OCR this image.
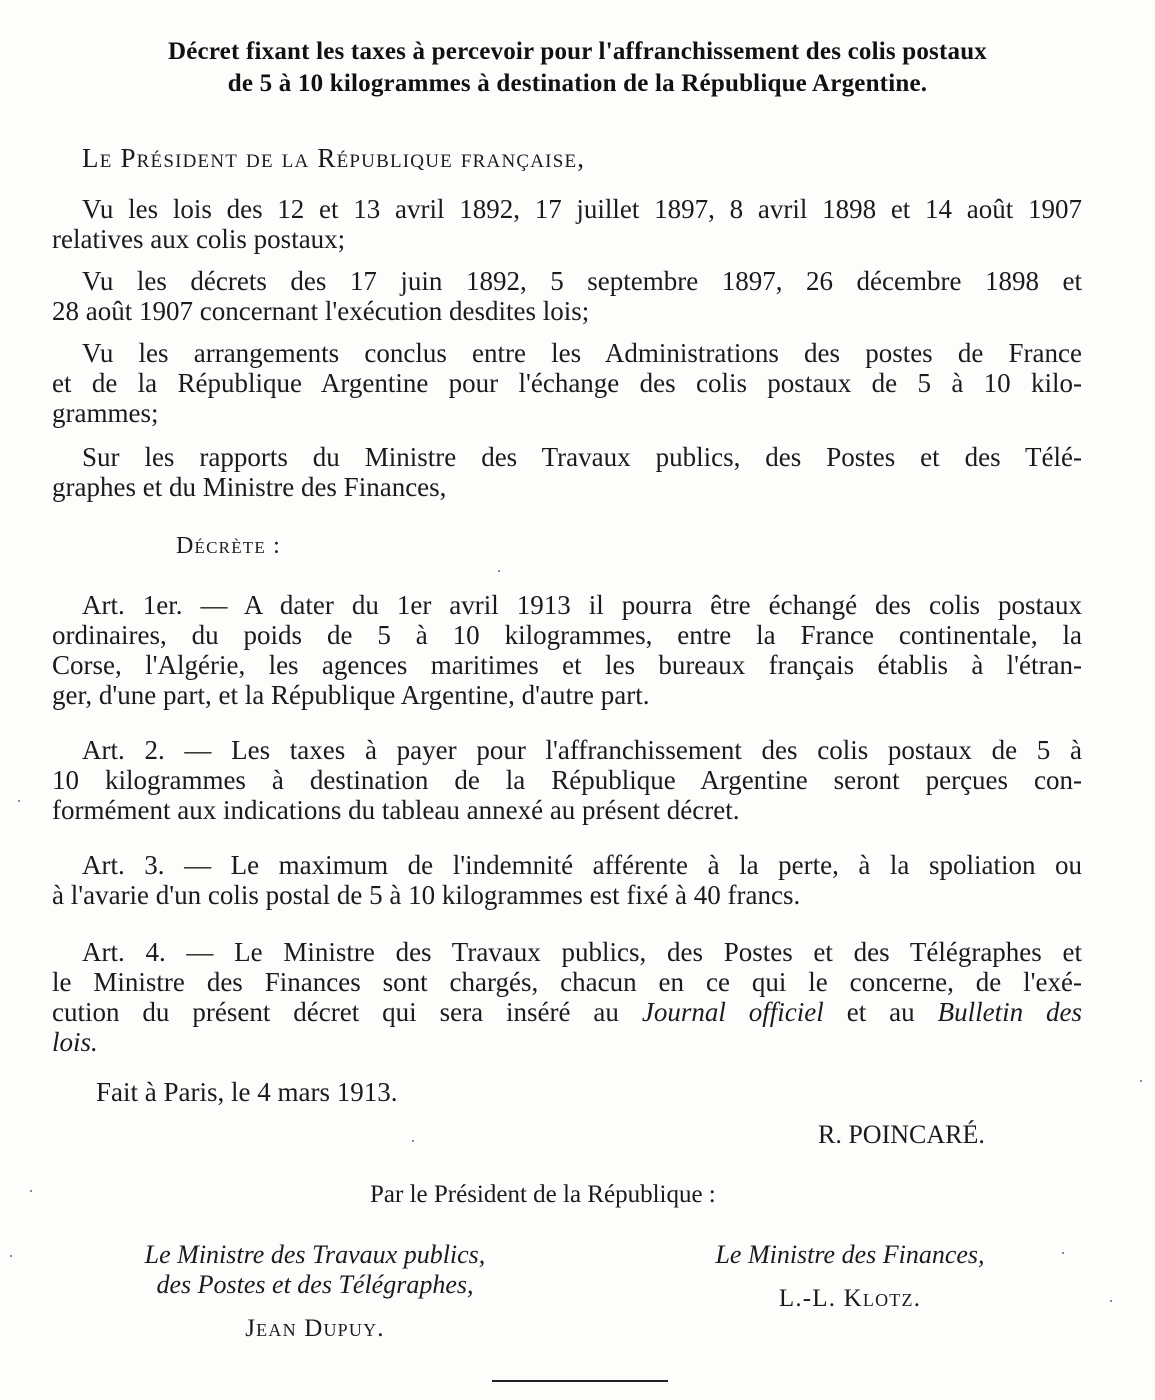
Décret fixant les taxes à percevoir pour l'affranchissement des colis postaux
de 5 à 10 kilogrammes à destination de la République Argentine.
Le Président de la République française,
Vu les lois des 12 et 13 avril 1892, 17 juillet 1897, 8 avril 1898 et 14 août 1907
relatives aux colis postaux;
Vu les décrets des 17 juin 1892, 5 septembre 1897, 26 décembre 1898 et
28 août 1907 concernant l'exécution desdites lois;
Vu les arrangements conclus entre les Administrations des postes de France
et de la République Argentine pour l'échange des colis postaux de 5 à 10 kilo-
grammes;
Sur les rapports du Ministre des Travaux publics, des Postes et des Télé-
graphes et du Ministre des Finances,
Décrète :
Art. 1er. — A dater du 1er avril 1913 il pourra être échangé des colis postaux
ordinaires, du poids de 5 à 10 kilogrammes, entre la France continentale, la
Corse, l'Algérie, les agences maritimes et les bureaux français établis à l'étran-
ger, d'une part, et la République Argentine, d'autre part.
Art. 2. — Les taxes à payer pour l'affranchissement des colis postaux de 5 à
10 kilogrammes à destination de la République Argentine seront perçues con-
formément aux indications du tableau annexé au présent décret.
Art. 3. — Le maximum de l'indemnité afférente à la perte, à la spoliation ou
à l'avarie d'un colis postal de 5 à 10 kilogrammes est fixé à 40 francs.
Art. 4. — Le Ministre des Travaux publics, des Postes et des Télégraphes et
le Ministre des Finances sont chargés, chacun en ce qui le concerne, de l'exé-
cution du présent décret qui sera inséré au Journal officiel et au Bulletin des
lois.
Fait à Paris, le 4 mars 1913.
R. POINCARÉ.
Par le Président de la République :
Le Ministre des Travaux publics,
des Postes et des Télégraphes,
Jean Dupuy.
Le Ministre des Finances,
L.-L. Klotz.
